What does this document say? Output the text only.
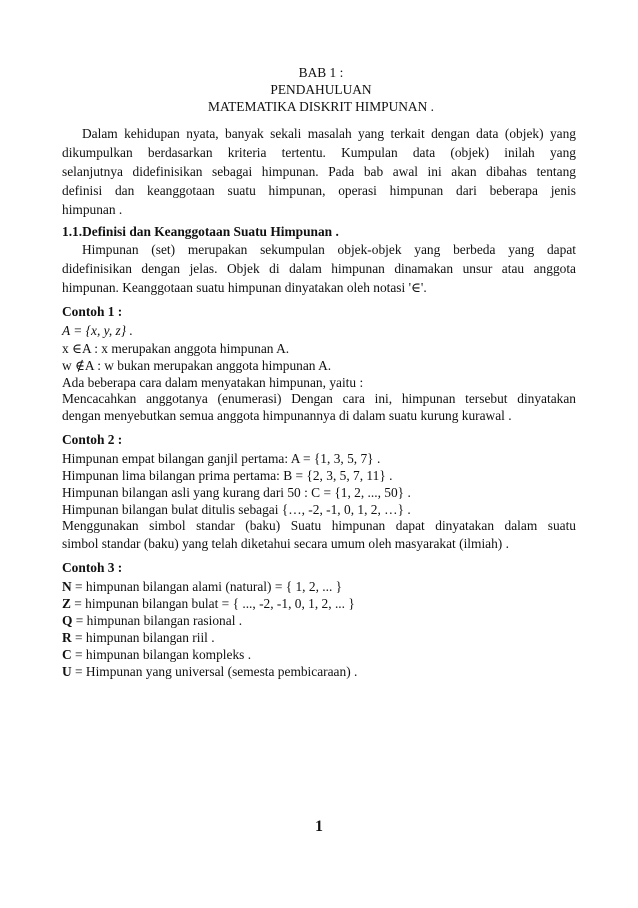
BAB 1 :
PENDAHULUAN
MATEMATIKA DISKRIT HIMPUNAN .
Dalam kehidupan nyata, banyak sekali masalah yang terkait dengan data (objek) yang
dikumpulkan berdasarkan kriteria tertentu. Kumpulan data (objek) inilah yang
selanjutnya didefinisikan sebagai himpunan. Pada bab awal ini akan dibahas tentang
definisi dan keanggotaan suatu himpunan, operasi himpunan dari beberapa jenis
himpunan .
1.1.Definisi dan Keanggotaan Suatu Himpunan .
Himpunan (set) merupakan sekumpulan objek-objek yang berbeda yang dapat
didefinisikan dengan jelas. Objek di dalam himpunan dinamakan unsur atau anggota
himpunan. Keanggotaan suatu himpunan dinyatakan oleh notasi '∈'.
Contoh 1 :
A = {x, y, z} .
x ∈A : x merupakan anggota himpunan A.
w ∉A : w bukan merupakan anggota himpunan A.
Ada beberapa cara dalam menyatakan himpunan, yaitu :
Mencacahkan anggotanya (enumerasi) Dengan cara ini, himpunan tersebut dinyatakan
dengan menyebutkan semua anggota himpunannya di dalam suatu kurung kurawal .
Contoh 2 :
Himpunan empat bilangan ganjil pertama: A = {1, 3, 5, 7} .
Himpunan lima bilangan prima pertama: B = {2, 3, 5, 7, 11} .
Himpunan bilangan asli yang kurang dari 50 : C = {1, 2, ..., 50} .
Himpunan bilangan bulat ditulis sebagai {…, -2, -1, 0, 1, 2, …} .
Menggunakan simbol standar (baku) Suatu himpunan dapat dinyatakan dalam suatu
simbol standar (baku) yang telah diketahui secara umum oleh masyarakat (ilmiah) .
Contoh 3 :
N = himpunan bilangan alami (natural) = { 1, 2, ... }
Z = himpunan bilangan bulat = { ..., -2, -1, 0, 1, 2, ... }
Q = himpunan bilangan rasional .
R = himpunan bilangan riil .
C = himpunan bilangan kompleks .
U = Himpunan yang universal (semesta pembicaraan) .
1
